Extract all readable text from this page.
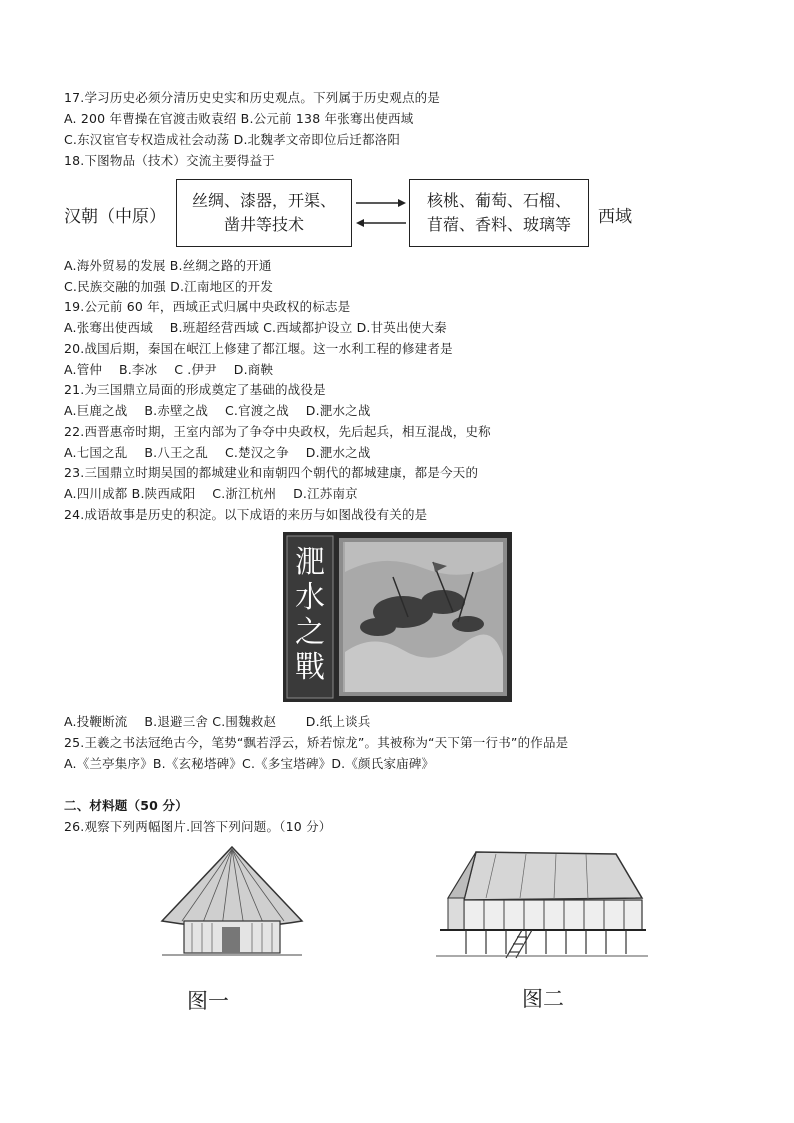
17.学习历史必须分清历史史实和历史观点。下列属于历史观点的是
A. 200 年曹操在官渡击败袁绍 B.公元前 138 年张骞出使西域
C.东汉宦官专权造成社会动荡 D.北魏孝文帝即位后迁都洛阳
18.下图物品（技术）交流主要得益于
汉朝（中原）
丝绸、漆器，开渠、
凿井等技术
核桃、葡萄、石榴、
苜蓿、香料、玻璃等 西域
A.海外贸易的发展 B.丝绸之路的开通
C.民族交融的加强 D.江南地区的开发
19.公元前 60 年，西域正式归属中央政权的标志是
A.张骞出使西域　 B.班超经营西域 C.西域都护设立 D.甘英出使大秦
20.战国后期，秦国在岷江上修建了都江堰。这一水利工程的修建者是
A.管仲　 B.李冰　 C .伊尹　 D.商鞅
21.为三国鼎立局面的形成奠定了基础的战役是
A.巨鹿之战　 B.赤壁之战　 C.官渡之战　 D.淝水之战
22.西晋惠帝时期，王室内部为了争夺中央政权，先后起兵，相互混战，史称
A.七国之乱　 B.八王之乱　 C.楚汉之争　 D.淝水之战
23.三国鼎立时期吴国的都城建业和南朝四个朝代的都城建康，都是今天的
A.四川成都 B.陕西咸阳　 C.浙江杭州　 D.江苏南京
24.成语故事是历史的积淀。以下成语的来历与如图战役有关的是
淝
水
之
戰
A.投鞭断流　 B.退避三舍 C.围魏救赵　　 D.纸上谈兵
25.王羲之书法冠绝古今，笔势“飘若浮云，矫若惊龙”。其被称为“天下第一行书”的作品是
A.《兰亭集序》B.《玄秘塔碑》C.《多宝塔碑》D.《颜氏家庙碑》
二、材料题（50 分）
26.观察下列两幅图片.回答下列问题。（10 分）
图一	图二
